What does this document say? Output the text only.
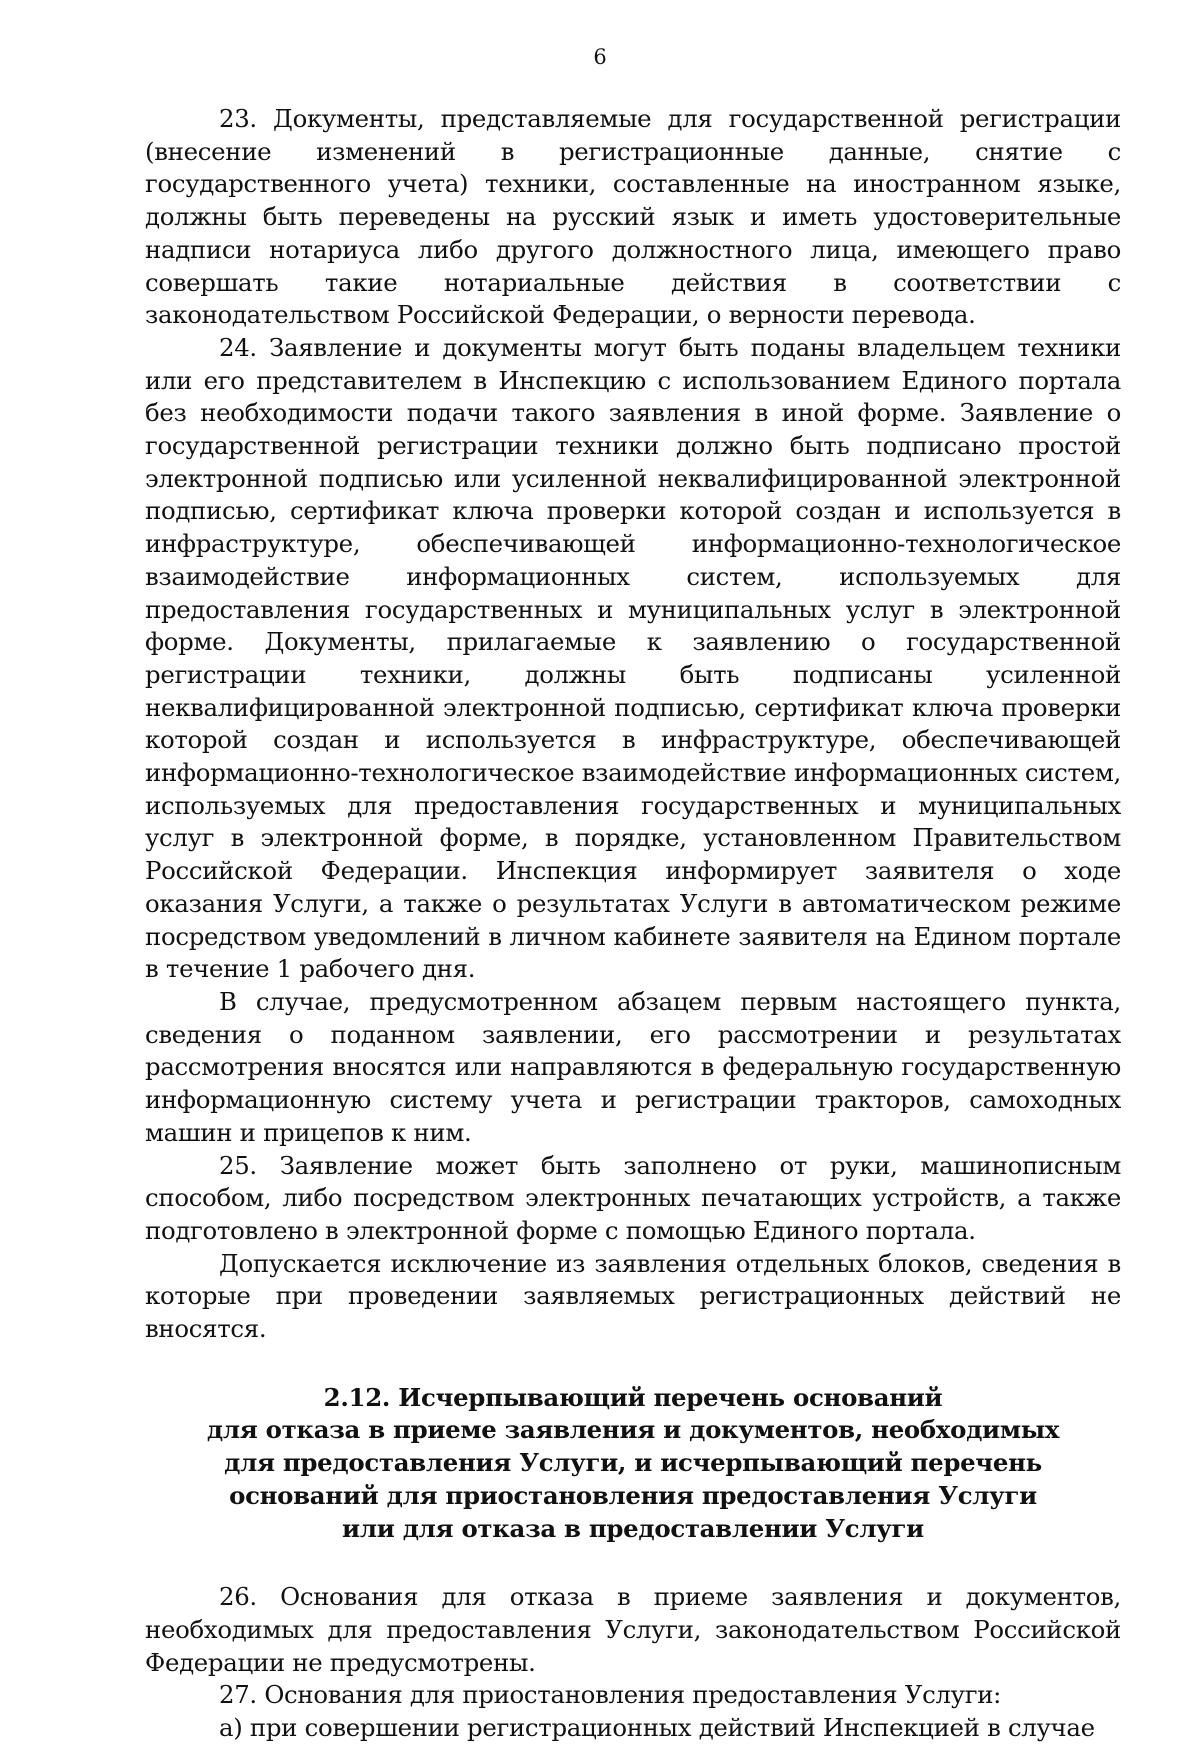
6

23. Документы, представляемые для государственной регистрации (внесение изменений в регистрационные данные, снятие с государственного учета) техники, составленные на иностранном языке, должны быть переведены на русский язык и иметь удостоверительные надписи нотариуса либо другого должностного лица, имеющего право совершать такие нотариальные действия в соответствии с законодательством Российской Федерации, о верности перевода.

24. Заявление и документы могут быть поданы владельцем техники или его представителем в Инспекцию с использованием Единого портала без необходимости подачи такого заявления в иной форме. Заявление о государственной регистрации техники должно быть подписано простой электронной подписью или усиленной неквалифицированной электронной подписью, сертификат ключа проверки которой создан и используется в инфраструктуре, обеспечивающей информационно-технологическое взаимодействие информационных систем, используемых для предоставления государственных и муниципальных услуг в электронной форме. Документы, прилагаемые к заявлению о государственной регистрации техники, должны быть подписаны усиленной неквалифицированной электронной подписью, сертификат ключа проверки которой создан и используется в инфраструктуре, обеспечивающей информационно-технологическое взаимодействие информационных систем, используемых для предоставления государственных и муниципальных услуг в электронной форме, в порядке, установленном Правительством Российской Федерации. Инспекция информирует заявителя о ходе оказания Услуги, а также о результатах Услуги в автоматическом режиме посредством уведомлений в личном кабинете заявителя на Едином портале в течение 1 рабочего дня.

В случае, предусмотренном абзацем первым настоящего пункта, сведения о поданном заявлении, его рассмотрении и результатах рассмотрения вносятся или направляются в федеральную государственную информационную систему учета и регистрации тракторов, самоходных машин и прицепов к ним.

25. Заявление может быть заполнено от руки, машинописным способом, либо посредством электронных печатающих устройств, а также подготовлено в электронной форме с помощью Единого портала.

Допускается исключение из заявления отдельных блоков, сведения в которые при проведении заявляемых регистрационных действий не вносятся.

2.12. Исчерпывающий перечень оснований
для отказа в приеме заявления и документов, необходимых
для предоставления Услуги, и исчерпывающий перечень
оснований для приостановления предоставления Услуги
или для отказа в предоставлении Услуги

26. Основания для отказа в приеме заявления и документов, необходимых для предоставления Услуги, законодательством Российской Федерации не предусмотрены.

27. Основания для приостановления предоставления Услуги:

а) при совершении регистрационных действий Инспекцией в случае
